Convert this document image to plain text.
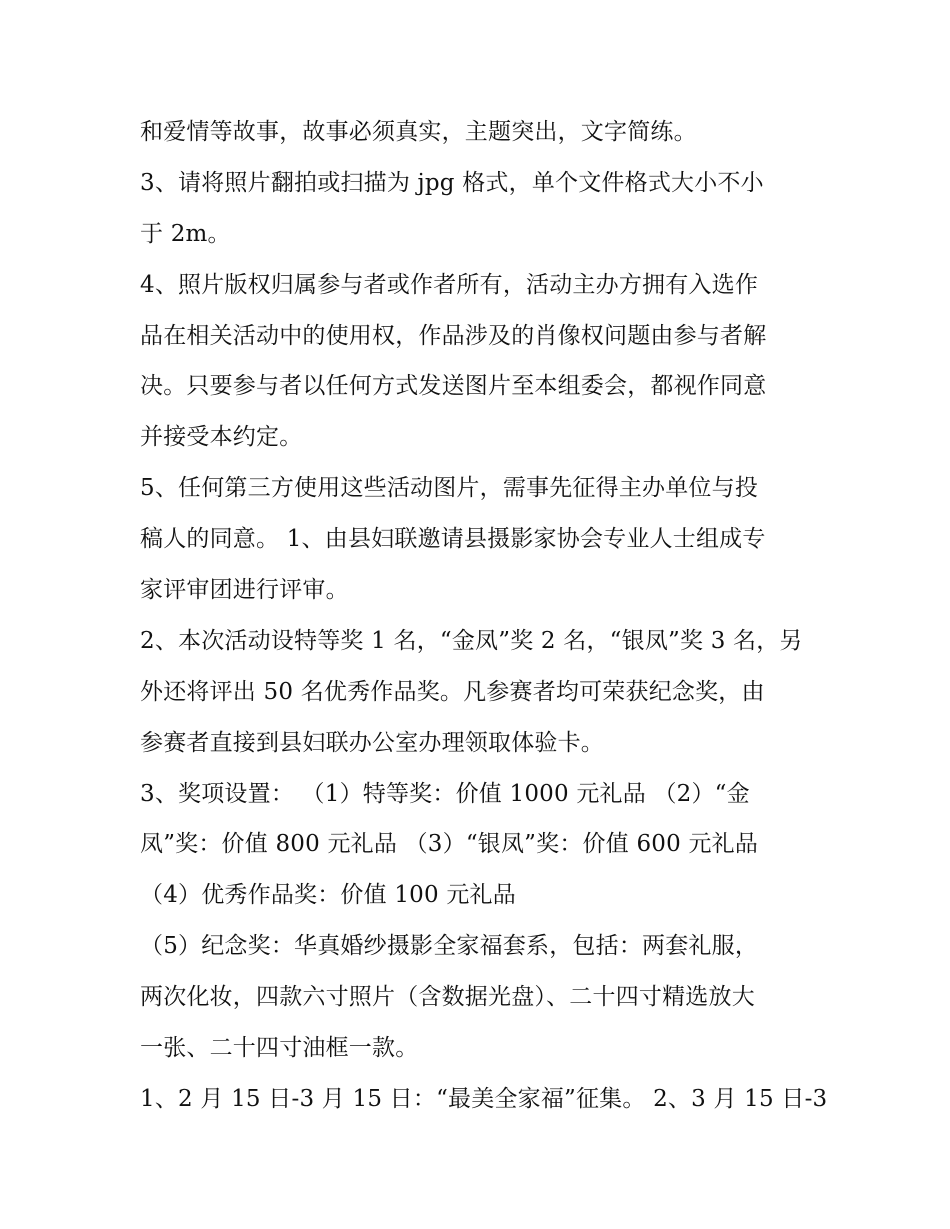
和爱情等故事，故事必须真实，主题突出，文字简练。
3、请将照片翻拍或扫描为 jpg 格式，单个文件格式大小不小
于 2m。
4、照片版权归属参与者或作者所有，活动主办方拥有入选作
品在相关活动中的使用权，作品涉及的肖像权问题由参与者解
决。只要参与者以任何方式发送图片至本组委会，都视作同意
并接受本约定。
5、任何第三方使用这些活动图片，需事先征得主办单位与投
稿人的同意。 1、由县妇联邀请县摄影家协会专业人士组成专
家评审团进行评审。
2、本次活动设特等奖 1 名，“金凤”奖 2 名，“银凤”奖 3 名，另
外还将评出 50 名优秀作品奖。凡参赛者均可荣获纪念奖，由
参赛者直接到县妇联办公室办理领取体验卡。
3、奖项设置： （1）特等奖：价值 1000 元礼品 （2）“金
凤”奖：价值 800 元礼品 （3）“银凤”奖：价值 600 元礼品
（4）优秀作品奖：价值 100 元礼品
（5）纪念奖：华真婚纱摄影全家福套系，包括：两套礼服，
两次化妆，四款六寸照片（含数据光盘）、二十四寸精选放大
一张、二十四寸油框一款。
1、2 月 15 日-3 月 15 日：“最美全家福”征集。 2、3 月 15 日-3
